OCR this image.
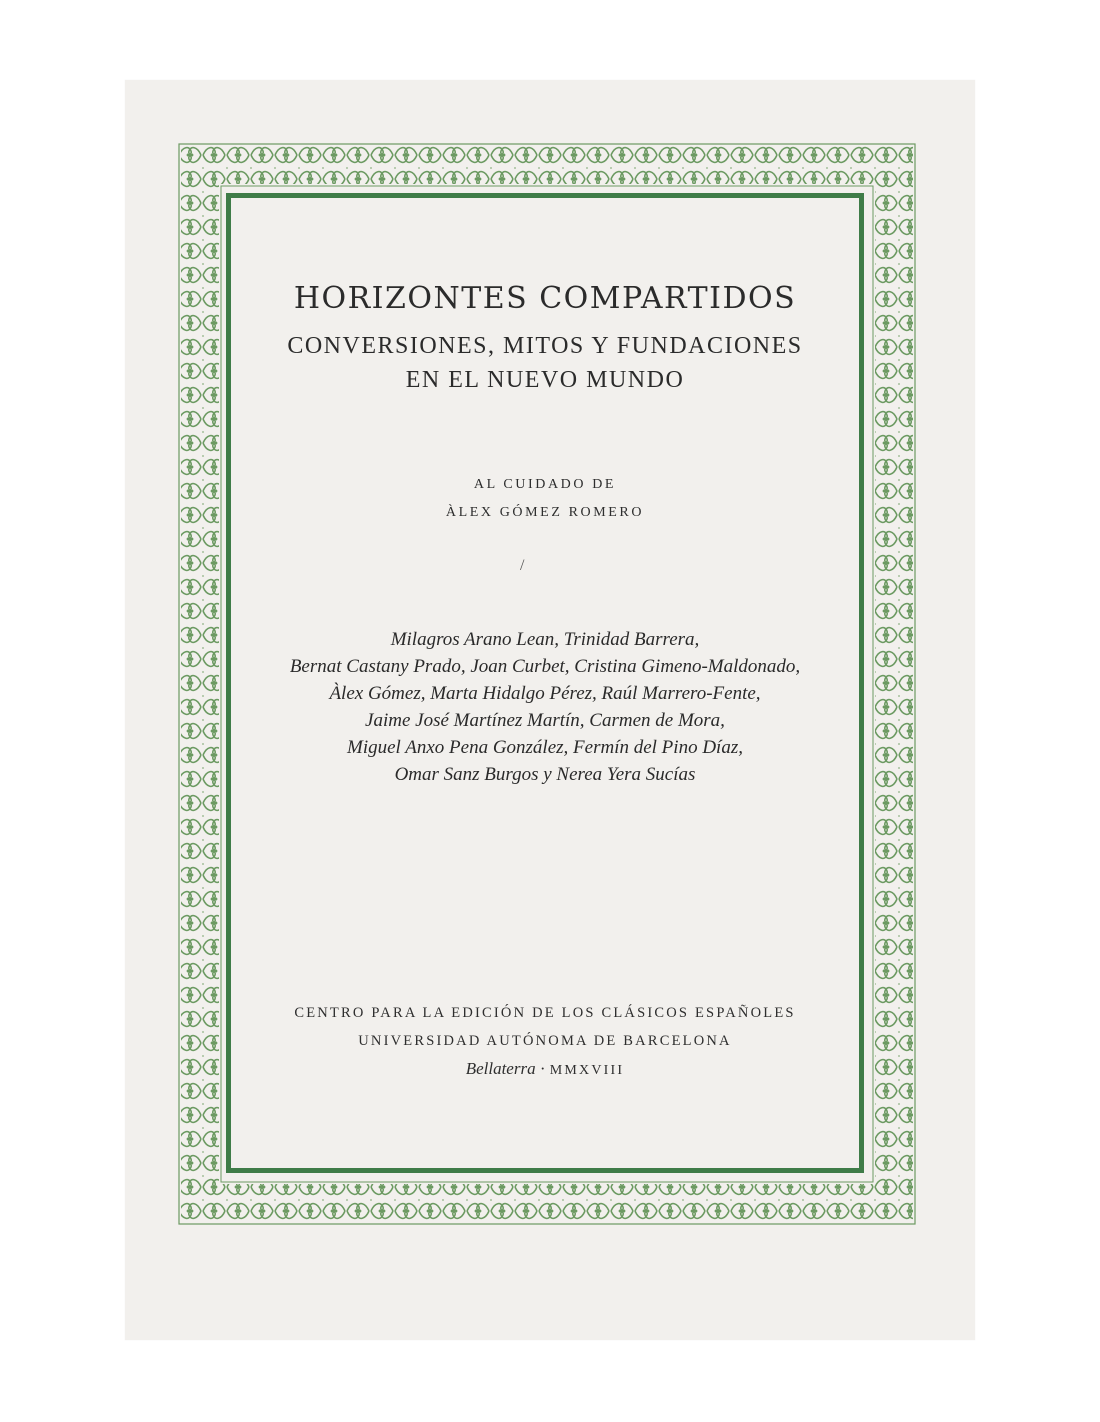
HORIZONTES COMPARTIDOS
CONVERSIONES, MITOS Y FUNDACIONES
EN EL NUEVO MUNDO
AL CUIDADO DE
ÀLEX GÓMEZ ROMERO
/
Milagros Arano Lean, Trinidad Barrera,
Bernat Castany Prado, Joan Curbet, Cristina Gimeno-Maldonado,
Àlex Gómez, Marta Hidalgo Pérez, Raúl Marrero-Fente,
Jaime José Martínez Martín, Carmen de Mora,
Miguel Anxo Pena González, Fermín del Pino Díaz,
Omar Sanz Burgos y Nerea Yera Sucías
CENTRO PARA LA EDICIÓN DE LOS CLÁSICOS ESPAÑOLES
UNIVERSIDAD AUTÓNOMA DE BARCELONA
Bellaterra · MMXVIII
